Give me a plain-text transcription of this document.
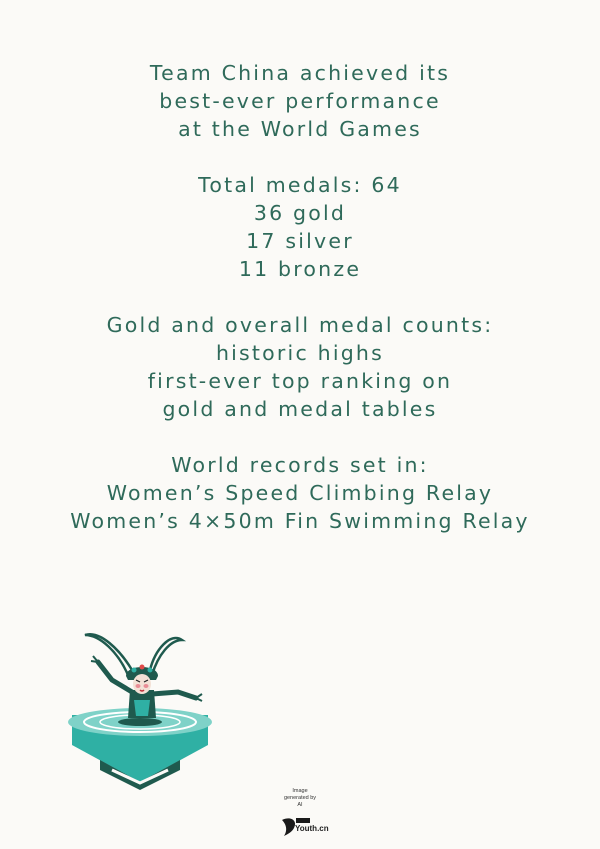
Team China achieved its
best-ever performance
at the World Games
Total medals: 64
36 gold
17 silver
11 bronze
Gold and overall medal counts:
historic highs
first-ever top ranking on
gold and medal tables
World records set in:
Women’s Speed Climbing Relay
Women’s 4×50m Fin Swimming Relay
Image
generated by
AI
Youth.cn
